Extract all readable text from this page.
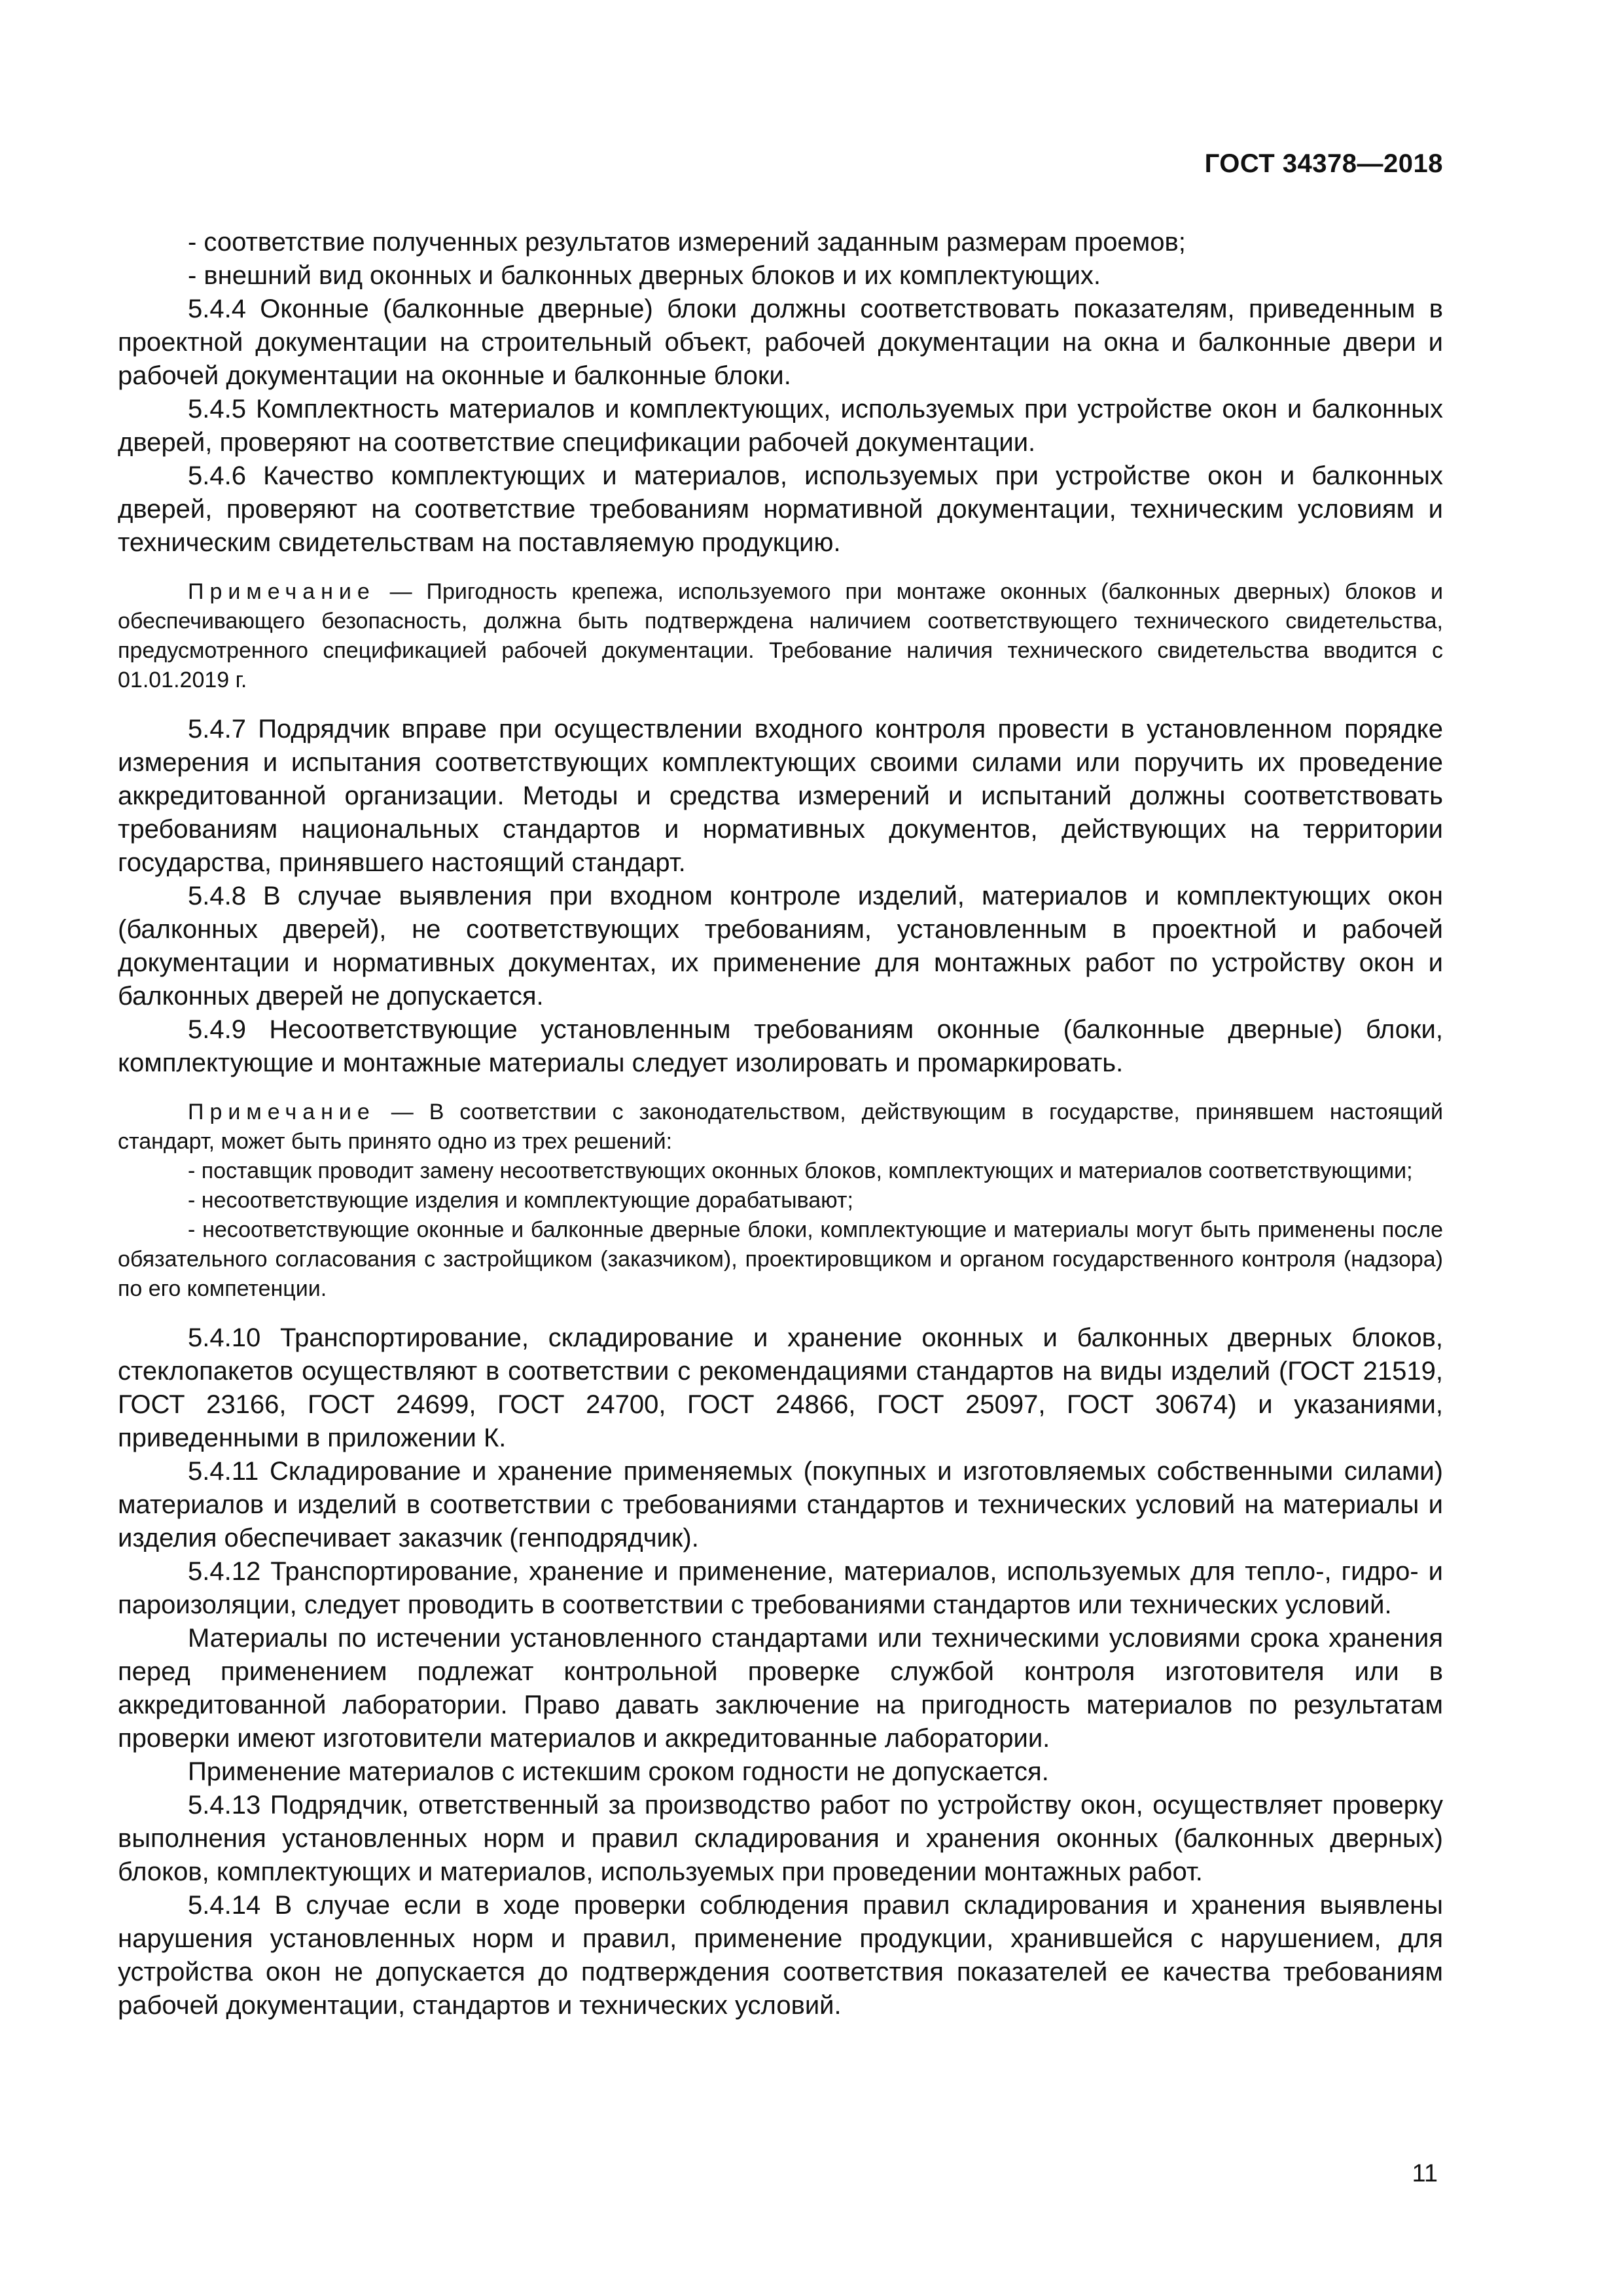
ГОСТ 34378—2018

- соответствие полученных результатов измерений заданным размерам проемов;

- внешний вид оконных и балконных дверных блоков и их комплектующих.

5.4.4 Оконные (балконные дверные) блоки должны соответствовать показателям, приведенным в проектной документации на строительный объект, рабочей документации на окна и балконные двери и рабочей документации на оконные и балконные блоки.

5.4.5 Комплектность материалов и комплектующих, используемых при устройстве окон и балконных дверей, проверяют на соответствие спецификации рабочей документации.

5.4.6 Качество комплектующих и материалов, используемых при устройстве окон и балконных дверей, проверяют на соответствие требованиям нормативной документации, техническим условиям и техническим свидетельствам на поставляемую продукцию.

Примечание — Пригодность крепежа, используемого при монтаже оконных (балконных дверных) блоков и обеспечивающего безопасность, должна быть подтверждена наличием соответствующего технического свидетельства, предусмотренного спецификацией рабочей документации. Требование наличия технического свидетельства вводится с 01.01.2019 г.

5.4.7 Подрядчик вправе при осуществлении входного контроля провести в установленном порядке измерения и испытания соответствующих комплектующих своими силами или поручить их проведение аккредитованной организации. Методы и средства измерений и испытаний должны соответствовать требованиям национальных стандартов и нормативных документов, действующих на территории государства, принявшего настоящий стандарт.

5.4.8 В случае выявления при входном контроле изделий, материалов и комплектующих окон (балконных дверей), не соответствующих требованиям, установленным в проектной и рабочей документации и нормативных документах, их применение для монтажных работ по устройству окон и балконных дверей не допускается.

5.4.9 Несоответствующие установленным требованиям оконные (балконные дверные) блоки, комплектующие и монтажные материалы следует изолировать и промаркировать.

Примечание — В соответствии с законодательством, действующим в государстве, принявшем настоящий стандарт, может быть принято одно из трех решений:

- поставщик проводит замену несоответствующих оконных блоков, комплектующих и материалов соответствующими;

- несоответствующие изделия и комплектующие дорабатывают;

- несоответствующие оконные и балконные дверные блоки, комплектующие и материалы могут быть применены после обязательного согласования с застройщиком (заказчиком), проектировщиком и органом государственного контроля (надзора) по его компетенции.

5.4.10 Транспортирование, складирование и хранение оконных и балконных дверных блоков, стеклопакетов осуществляют в соответствии с рекомендациями стандартов на виды изделий (ГОСТ 21519, ГОСТ 23166, ГОСТ 24699, ГОСТ 24700, ГОСТ 24866, ГОСТ 25097, ГОСТ 30674) и указаниями, приведенными в приложении К.

5.4.11 Складирование и хранение применяемых (покупных и изготовляемых собственными силами) материалов и изделий в соответствии с требованиями стандартов и технических условий на материалы и изделия обеспечивает заказчик (генподрядчик).

5.4.12 Транспортирование, хранение и применение, материалов, используемых для тепло-, гидро- и пароизоляции, следует проводить в соответствии с требованиями стандартов или технических условий.

Материалы по истечении установленного стандартами или техническими условиями срока хранения перед применением подлежат контрольной проверке службой контроля изготовителя или в аккредитованной лаборатории. Право давать заключение на пригодность материалов по результатам проверки имеют изготовители материалов и аккредитованные лаборатории.

Применение материалов с истекшим сроком годности не допускается.

5.4.13 Подрядчик, ответственный за производство работ по устройству окон, осуществляет проверку выполнения установленных норм и правил складирования и хранения оконных (балконных дверных) блоков, комплектующих и материалов, используемых при проведении монтажных работ.

5.4.14 В случае если в ходе проверки соблюдения правил складирования и хранения выявлены нарушения установленных норм и правил, применение продукции, хранившейся с нарушением, для устройства окон не допускается до подтверждения соответствия показателей ее качества требованиям рабочей документации, стандартов и технических условий.

11
